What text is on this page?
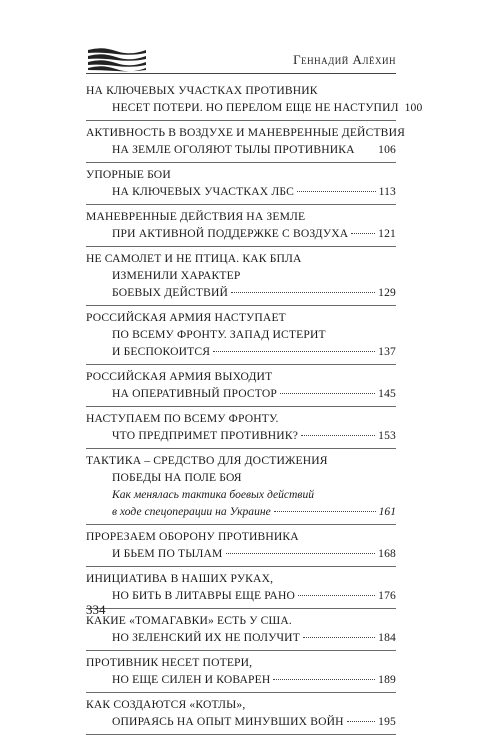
Геннадий Алёхин
НА КЛЮЧЕВЫХ УЧАСТКАХ ПРОТИВНИК
НЕСЕТ ПОТЕРИ. НО ПЕРЕЛОМ ЕЩЕ НЕ НАСТУПИЛ 100
АКТИВНОСТЬ В ВОЗДУХЕ И МАНЕВРЕННЫЕ ДЕЙСТВИЯ
НА ЗЕМЛЕ ОГОЛЯЮТ ТЫЛЫ ПРОТИВНИКА 106
УПОРНЫЕ БОИ
НА КЛЮЧЕВЫХ УЧАСТКАХ ЛБС	113
МАНЕВРЕННЫЕ ДЕЙСТВИЯ НА ЗЕМЛЕ
ПРИ АКТИВНОЙ ПОДДЕРЖКЕ С ВОЗДУХА	121
НЕ САМОЛЕТ И НЕ ПТИЦА. КАК БПЛА
ИЗМЕНИЛИ ХАРАКТЕР
БОЕВЫХ ДЕЙСТВИЙ	129
РОССИЙСКАЯ АРМИЯ НАСТУПАЕТ
ПО ВСЕМУ ФРОНТУ. ЗАПАД ИСТЕРИТ
И БЕСПОКОИТСЯ	137
РОССИЙСКАЯ АРМИЯ ВЫХОДИТ
НА ОПЕРАТИВНЫЙ ПРОСТОР	145
НАСТУПАЕМ ПО ВСЕМУ ФРОНТУ.
ЧТО ПРЕДПРИМЕТ ПРОТИВНИК?	153
ТАКТИКА – СРЕДСТВО ДЛЯ ДОСТИЖЕНИЯ
ПОБЕДЫ НА ПОЛЕ БОЯ
Как менялась тактика боевых действий
в ходе спецоперации на Украине	161
ПРОРЕЗАЕМ ОБОРОНУ ПРОТИВНИКА
И БЬЕМ ПО ТЫЛАМ	168
ИНИЦИАТИВА В НАШИХ РУКАХ,
НО БИТЬ В ЛИТАВРЫ ЕЩЕ РАНО	176
КАКИЕ «ТОМАГАВКИ» ЕСТЬ У США.
НО ЗЕЛЕНСКИЙ ИХ НЕ ПОЛУЧИТ	184
ПРОТИВНИК НЕСЕТ ПОТЕРИ,
НО ЕЩЕ СИЛЕН И КОВАРЕН	189
КАК СОЗДАЮТСЯ «КОТЛЫ»,
ОПИРАЯСЬ НА ОПЫТ МИНУВШИХ ВОЙН	195
334
